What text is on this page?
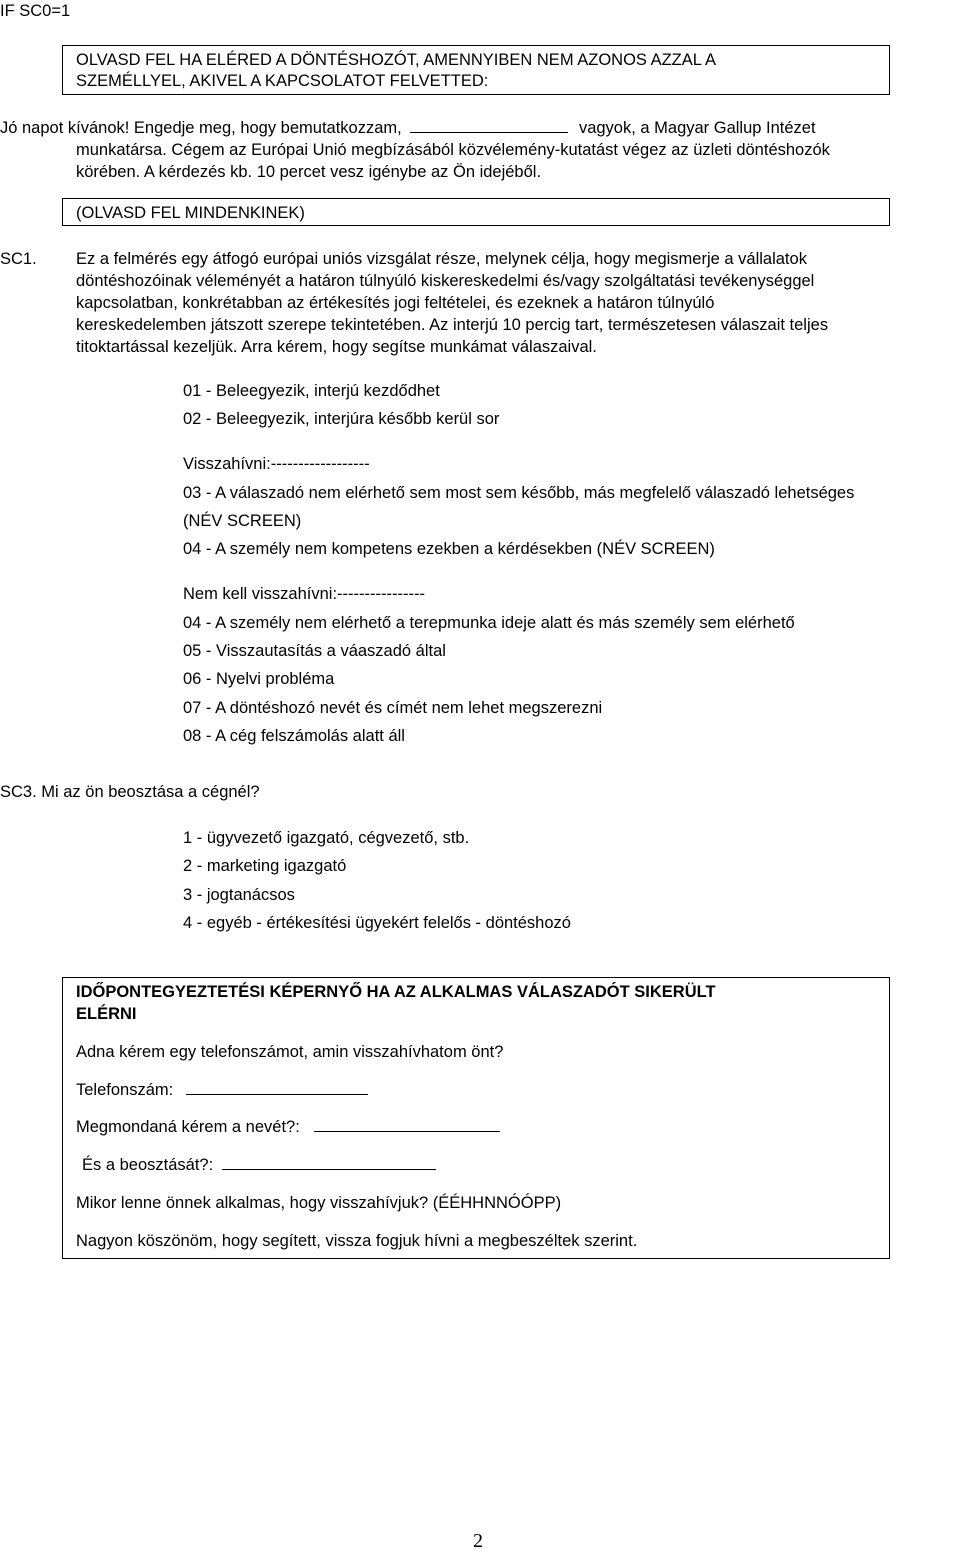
IF SC0=1
OLVASD FEL HA ELÉRED A DÖNTÉSHOZÓT, AMENNYIBEN NEM AZONOS AZZAL A
SZEMÉLLYEL, AKIVEL A KAPCSOLATOT FELVETTED:
Jó napot kívánok! Engedje meg, hogy bemutatkozzam,	vagyok, a Magyar Gallup Intézet
munkatársa. Cégem az Európai Unió megbízásából közvélemény-kutatást végez az üzleti döntéshozók
körében. A kérdezés kb. 10 percet vesz igénybe az Ön idejéből.
(OLVASD FEL MINDENKINEK)
SC1. Ez a felmérés egy átfogó európai uniós vizsgálat része, melynek célja, hogy megismerje a vállalatok
döntéshozóinak véleményét a határon túlnyúló kiskereskedelmi és/vagy szolgáltatási tevékenységgel
kapcsolatban, konkrétabban az értékesítés jogi feltételei, és ezeknek a határon túlnyúló
kereskedelemben játszott szerepe tekintetében. Az interjú 10 percig tart, természetesen válaszait teljes
titoktartással kezeljük. Arra kérem, hogy segítse munkámat válaszaival.
01 - Beleegyezik, interjú kezdődhet
02 - Beleegyezik, interjúra később kerül sor
Visszahívni:------------------
03 - A válaszadó nem elérhető sem most sem később, más megfelelő válaszadó lehetséges
(NÉV SCREEN)
04 - A személy nem kompetens ezekben a kérdésekben (NÉV SCREEN)
Nem kell visszahívni:----------------
04 - A személy nem elérhető a terepmunka ideje alatt és más személy sem elérhető
05 - Visszautasítás a váaszadó által
06 - Nyelvi probléma
07 - A döntéshozó nevét és címét nem lehet megszerezni
08 - A cég felszámolás alatt áll
SC3. Mi az ön beosztása a cégnél?
1 - ügyvezető igazgató, cégvezető, stb.
2 - marketing igazgató
3 - jogtanácsos
4 - egyéb - értékesítési ügyekért felelős - döntéshozó
IDŐPONTEGYEZTETÉSI KÉPERNYŐ HA AZ ALKALMAS VÁLASZADÓT SIKERÜLT
ELÉRNI
Adna kérem egy telefonszámot, amin visszahívhatom önt?
Telefonszám:
Megmondaná kérem a nevét?:
És a beosztását?:
Mikor lenne önnek alkalmas, hogy visszahívjuk? (ÉÉHHNNÓÓPP)
Nagyon köszönöm, hogy segített, vissza fogjuk hívni a megbeszéltek szerint.
2
